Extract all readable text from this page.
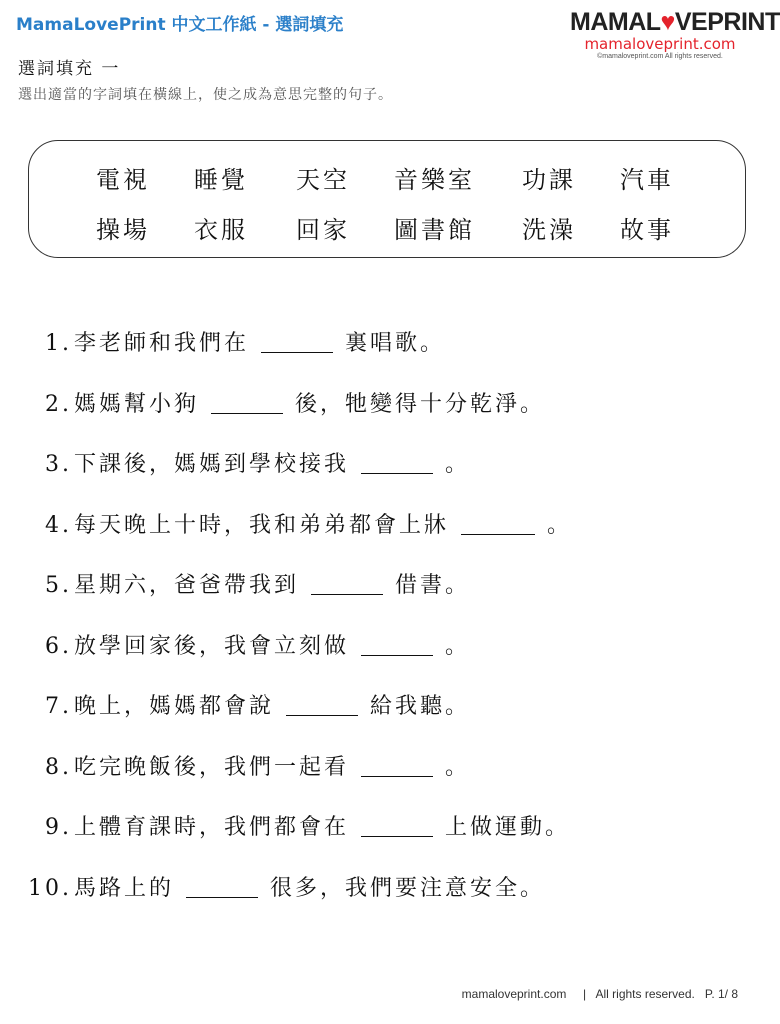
MamaLovePrint 中文工作紙 - 選詞填充	MAMAL♥VEPRINT
mamaloveprint.com
©mamaloveprint.com All rights reserved.
選詞填充 一
選出適當的字詞填在橫線上，使之成為意思完整的句子。
電視 睡覺 天空 音樂室 功課 汽車
操場 衣服 回家 圖書館 洗澡 故事
1.李老師和我們在	裏唱歌。
2.媽媽幫小狗	後，牠變得十分乾淨。
3.下課後，媽媽到學校接我	。
4.每天晚上十時，我和弟弟都會上牀	。
5.星期六，爸爸帶我到	借書。
6.放學回家後，我會立刻做	。
7.晚上，媽媽都會說	給我聽。
8.吃完晚飯後，我們一起看	。
9.上體育課時，我們都會在	上做運動。
10.馬路上的	很多，我們要注意安全。
mamaloveprint.com     |   All rights reserved.   P. 1/ 8
